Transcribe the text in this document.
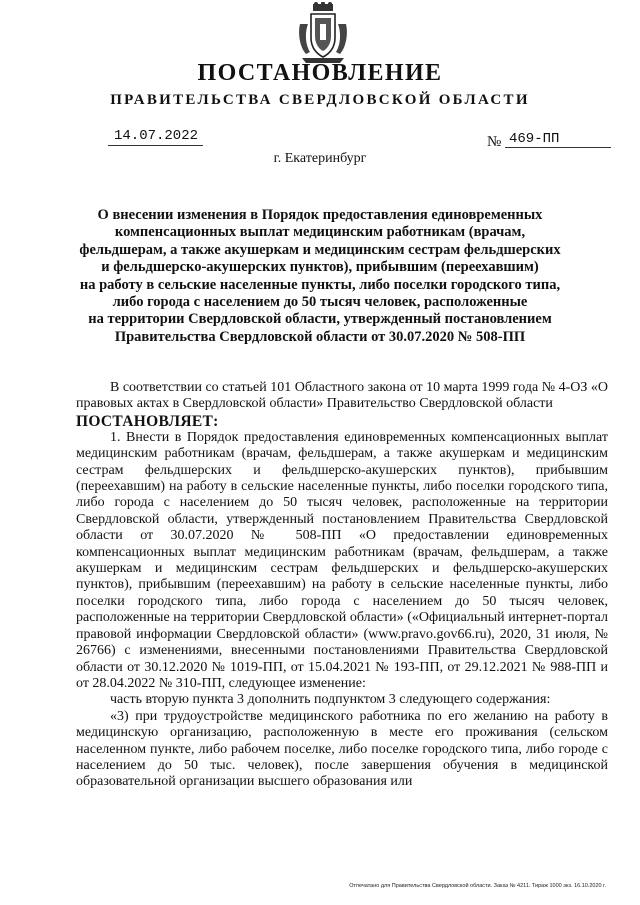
ПОСТАНОВЛЕНИЕ
ПРАВИТЕЛЬСТВА СВЕРДЛОВСКОЙ ОБЛАСТИ
14.07.2022	№ 469-ПП
г. Екатеринбург
О внесении изменения в Порядок предоставления единовременных
компенсационных выплат медицинским работникам (врачам,
фельдшерам, а также акушеркам и медицинским сестрам фельдшерских
и фельдшерско-акушерских пунктов), прибывшим (переехавшим)
на работу в сельские населенные пункты, либо поселки городского типа,
либо города с населением до 50 тысяч человек, расположенные
на территории Свердловской области, утвержденный постановлением
Правительства Свердловской области от 30.07.2020 № 508-ПП

В соответствии со статьей 101 Областного закона от 10 марта 1999 года № 4-ОЗ «О правовых актах в Свердловской области» Правительство Свердловской области

ПОСТАНОВЛЯЕТ:

1. Внести в Порядок предоставления единовременных компенсационных выплат медицинским работникам (врачам, фельдшерам, а также акушеркам и медицинским сестрам фельдшерских и фельдшерско-акушерских пунктов), прибывшим (переехавшим) на работу в сельские населенные пункты, либо поселки городского типа, либо города с населением до 50 тысяч человек, расположенные на территории Свердловской области, утвержденный постановлением Правительства Свердловской области от 30.07.2020 № 508-ПП «О предоставлении единовременных компенсационных выплат медицинским работникам (врачам, фельдшерам, а также акушеркам и медицинским сестрам фельдшерских и фельдшерско-акушерских пунктов), прибывшим (переехавшим) на работу в сельские населенные пункты, либо поселки городского типа, либо города с населением до 50 тысяч человек, расположенные на территории Свердловской области» («Официальный интернет-портал правовой информации Свердловской области» (www.pravo.gov66.ru), 2020, 31 июля, № 26766) с изменениями, внесенными постановлениями Правительства Свердловской области от 30.12.2020 № 1019-ПП, от 15.04.2021 № 193-ПП, от 29.12.2021 № 988-ПП и от 28.04.2022 № 310-ПП, следующее изменение:

часть вторую пункта 3 дополнить подпунктом 3 следующего содержания:

«3) при трудоустройстве медицинского работника по его желанию на работу в медицинскую организацию, расположенную в месте его проживания (сельском населенном пункте, либо рабочем поселке, либо поселке городского типа, либо городе с населением до 50 тыс. человек), после завершения обучения в медицинской образовательной организации высшего образования или

Отпечатано для Правительства Свердловской области. Заказ № 4211. Тираж 1000 экз. 16.10.2020 г.
